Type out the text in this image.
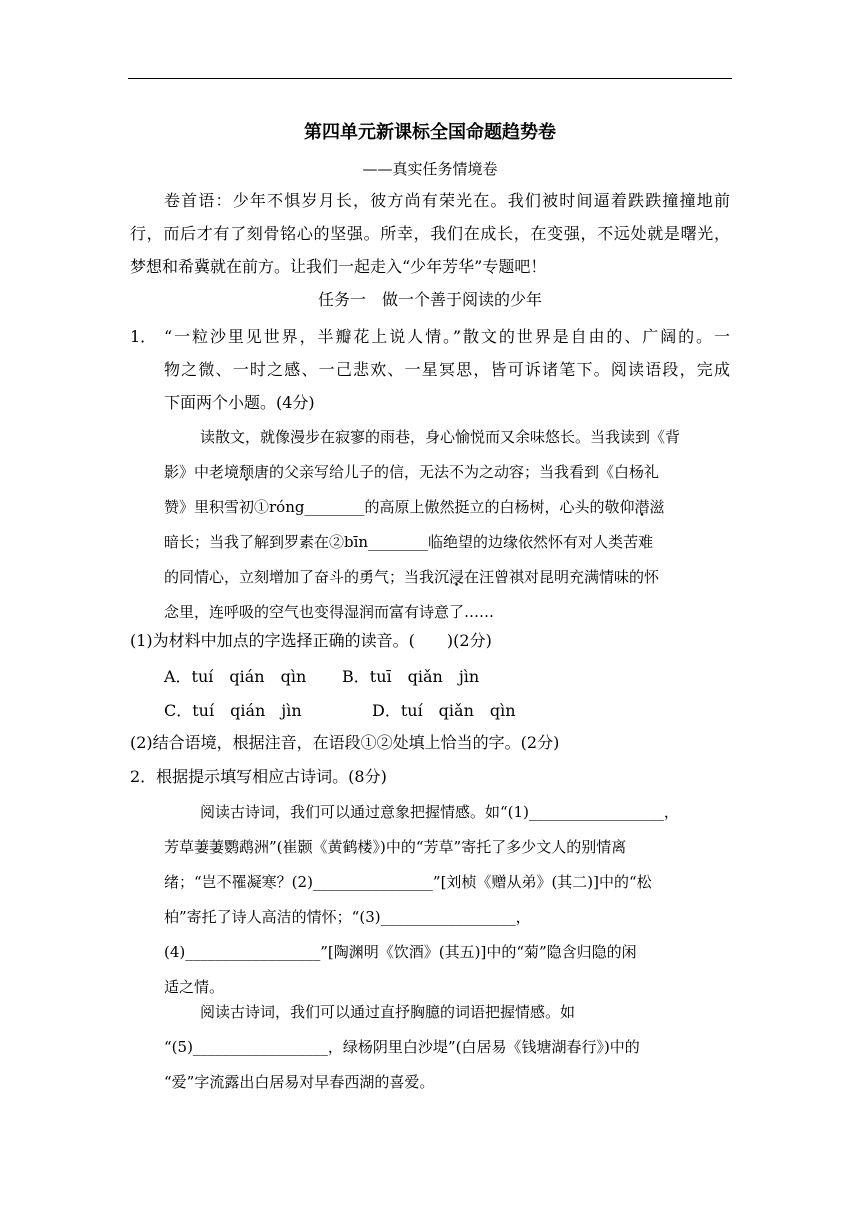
第四单元新课标全国命题趋势卷
——真实任务情境卷
卷首语：少年不惧岁月长，彼方尚有荣光在。我们被时间逼着跌跌撞撞地前
行，而后才有了刻骨铭心的坚强。所幸，我们在成长，在变强，不远处就是曙光，
梦想和希冀就在前方。让我们一起走入“少年芳华”专题吧！
任务一　做一个善于阅读的少年
1． “一粒沙里见世界，半瓣花上说人情。”散文的世界是自由的、广阔的。一
物之微、一时之感、一己悲欢、一星冥思，皆可诉诸笔下。阅读语段，完成
下面两个小题。(4分)
读散文，就像漫步在寂寥的雨巷，身心愉悦而又余味悠长。当我读到《背
影》中老境颓唐的父亲写给儿子的信，无法不为之动容；当我看到《白杨礼
赞》里积雪初①róng________的高原上傲然挺立的白杨树，心头的敬仰潜滋
暗长；当我了解到罗素在②bīn________临绝望的边缘依然怀有对人类苦难
的同情心，立刻增加了奋斗的勇气；当我沉浸在汪曾祺对昆明充满情味的怀
念里，连呼吸的空气也变得湿润而富有诗意了……
(1)为材料中加点的字选择正确的读音。(　　)(2分)
A．tuí　qián　qìn B．tuī　qiǎn　jìn
C．tuí　qián　jìn	D．tuí　qiǎn　qìn
(2)结合语境，根据注音，在语段①②处填上恰当的字。(2分)
2．根据提示填写相应古诗词。(8分)
阅读古诗词，我们可以通过意象把握情感。如“(1)__________________，
芳草萋萋鹦鹉洲”(崔颢《黄鹤楼》)中的“芳草”寄托了多少文人的别情离
绪；“岂不罹凝寒？(2)________________”[刘桢《赠从弟》(其二)]中的“松
柏”寄托了诗人高洁的情怀；“(3)__________________，
(4)__________________”[陶渊明《饮酒》(其五)]中的“菊”隐含归隐的闲
适之情。
阅读古诗词，我们可以通过直抒胸臆的词语把握情感。如
“(5)__________________，绿杨阴里白沙堤”(白居易《钱塘湖春行》)中的
“爱”字流露出白居易对早春西湖的喜爱。
